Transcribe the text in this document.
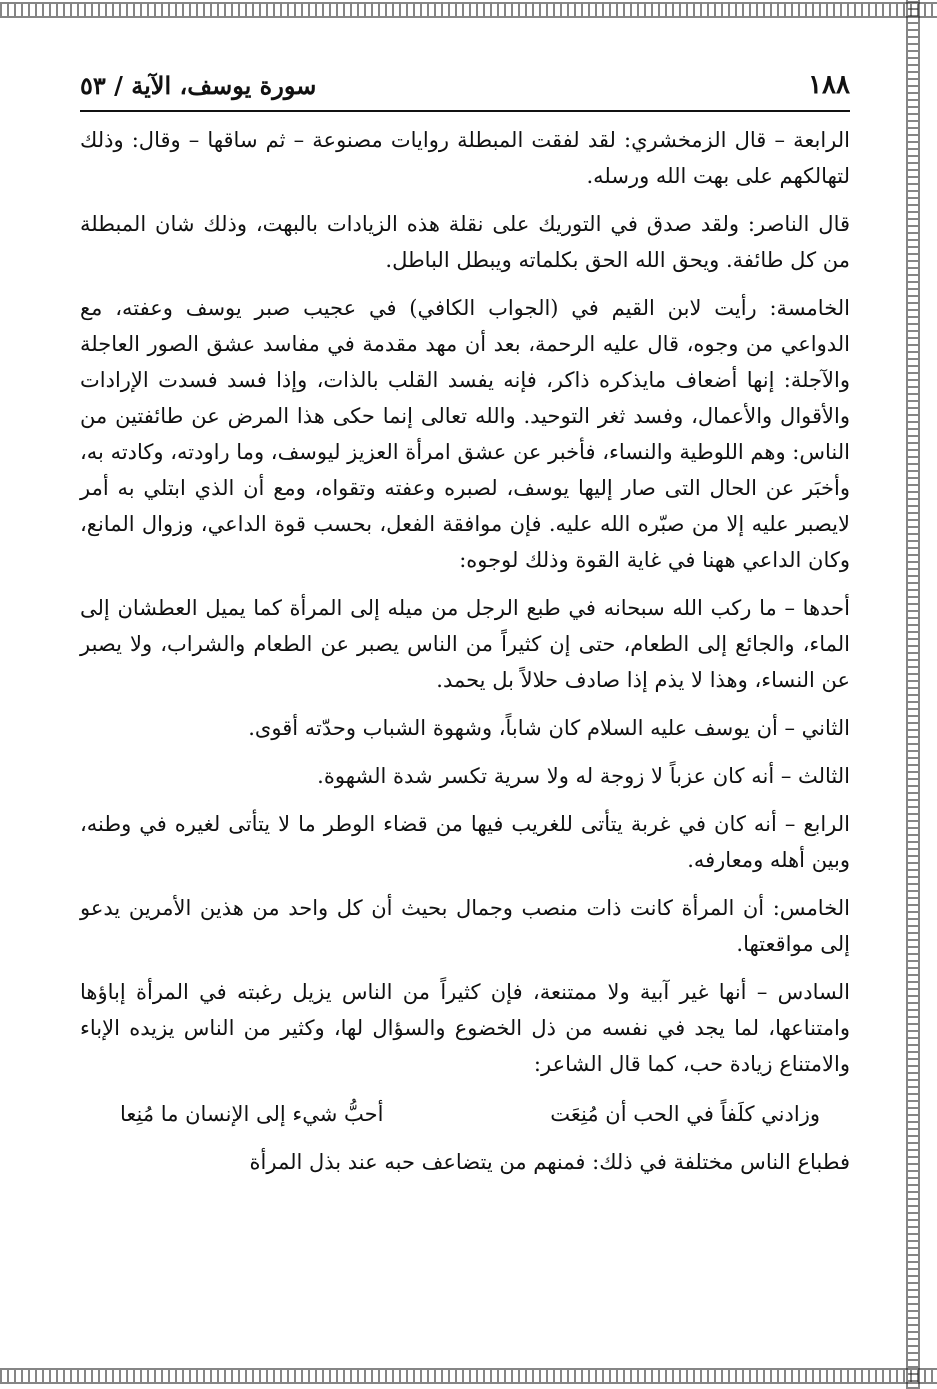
١٨٨
سورة يوسف، الآية / ٥٣

الرابعة – قال الزمخشري: لقد لفقت المبطلة روايات مصنوعة – ثم ساقها – وقال: وذلك لتهالكهم على بهت الله ورسله.

قال الناصر: ولقد صدق في التوريك على نقلة هذه الزيادات بالبهت، وذلك شان المبطلة من كل طائفة. ويحق الله الحق بكلماته ويبطل الباطل.

الخامسة: رأيت لابن القيم في (الجواب الكافي) في عجيب صبر يوسف وعفته، مع الدواعي من وجوه، قال عليه الرحمة، بعد أن مهد مقدمة في مفاسد عشق الصور العاجلة والآجلة: إنها أضعاف مايذكره ذاكر، فإنه يفسد القلب بالذات، وإذا فسد فسدت الإرادات والأقوال والأعمال، وفسد ثغر التوحيد. والله تعالى إنما حكى هذا المرض عن طائفتين من الناس: وهم اللوطية والنساء، فأخبر عن عشق امرأة العزيز ليوسف، وما راودته، وكادته به، وأخبَر عن الحال التى صار إليها يوسف، لصبره وعفته وتقواه، ومع أن الذي ابتلي به أمر لايصبر عليه إلا من صبّره الله عليه. فإن موافقة الفعل، بحسب قوة الداعي، وزوال المانع، وكان الداعي ههنا في غاية القوة وذلك لوجوه:

أحدها – ما ركب الله سبحانه في طبع الرجل من ميله إلى المرأة كما يميل العطشان إلى الماء، والجائع إلى الطعام، حتى إن كثيراً من الناس يصبر عن الطعام والشراب، ولا يصبر عن النساء، وهذا لا يذم إذا صادف حلالاً بل يحمد.

الثاني – أن يوسف عليه السلام كان شاباً، وشهوة الشباب وحدّته أقوى.

الثالث – أنه كان عزباً لا زوجة له ولا سرية تكسر شدة الشهوة.

الرابع – أنه كان في غربة يتأتى للغريب فيها من قضاء الوطر ما لا يتأتى لغيره في وطنه، وبين أهله ومعارفه.

الخامس: أن المرأة كانت ذات منصب وجمال بحيث أن كل واحد من هذين الأمرين يدعو إلى مواقعتها.

السادس – أنها غير آبية ولا ممتنعة، فإن كثيراً من الناس يزيل رغبته في المرأة إباؤها وامتناعها، لما يجد في نفسه من ذل الخضوع والسؤال لها، وكثير من الناس يزيده الإباء والامتناع زيادة حب، كما قال الشاعر:

وزادني كلَفاً في الحب أن مُنِعَت
أحبُّ شيء إلى الإنسان ما مُنِعا

فطباع الناس مختلفة في ذلك: فمنهم من يتضاعف حبه عند بذل المرأة
